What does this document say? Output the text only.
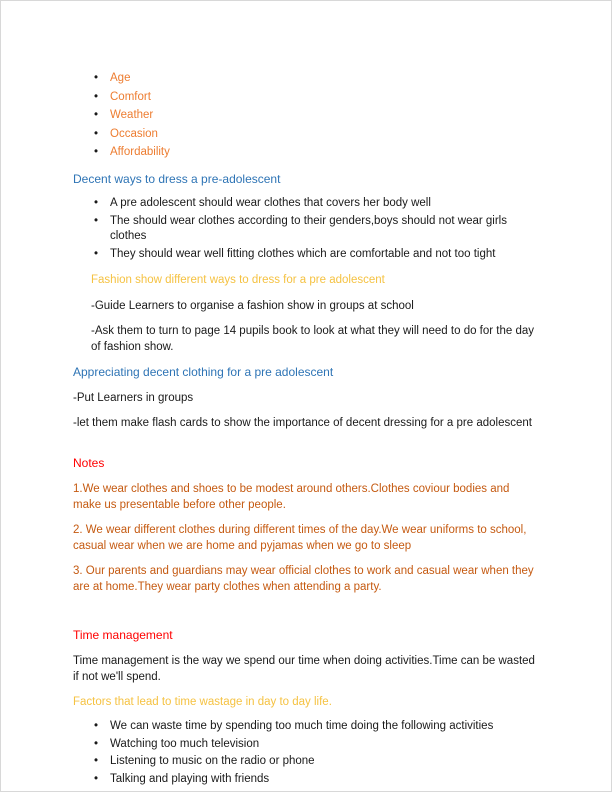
• Age
• Comfort
• Weather
• Occasion
• Affordability
Decent ways to dress a pre-adolescent
• A pre adolescent should wear clothes that covers her body well
• The should wear clothes according to their genders,boys should not wear girls clothes
• They should wear well fitting clothes which are comfortable and not too tight

Fashion show different ways to dress for a pre adolescent

-Guide Learners to organise a fashion show in groups at school

-Ask them to turn to page 14 pupils book to look at what they will need to do for the day of fashion show.

Appreciating decent clothing for a pre adolescent

-Put Learners in groups

-let them make flash cards to show the importance of decent dressing for a pre adolescent

Notes

1.We wear clothes and shoes to be modest around others.Clothes coviour bodies and make us presentable before other people.

2. We wear different clothes during different times of the day.We wear uniforms to school, casual wear when we are home and pyjamas when we go to sleep

3. Our parents and guardians may wear official clothes to work and casual wear when they are at home.They wear party clothes when attending a party.

Time management

Time management is the way we spend our time when doing activities.Time can be wasted if not we'll spend.

Factors that lead to time wastage in day to day life.

• We can waste time by spending too much time doing the following activities
• Watching too much television
• Listening to music on the radio or phone
• Talking and playing with friends
